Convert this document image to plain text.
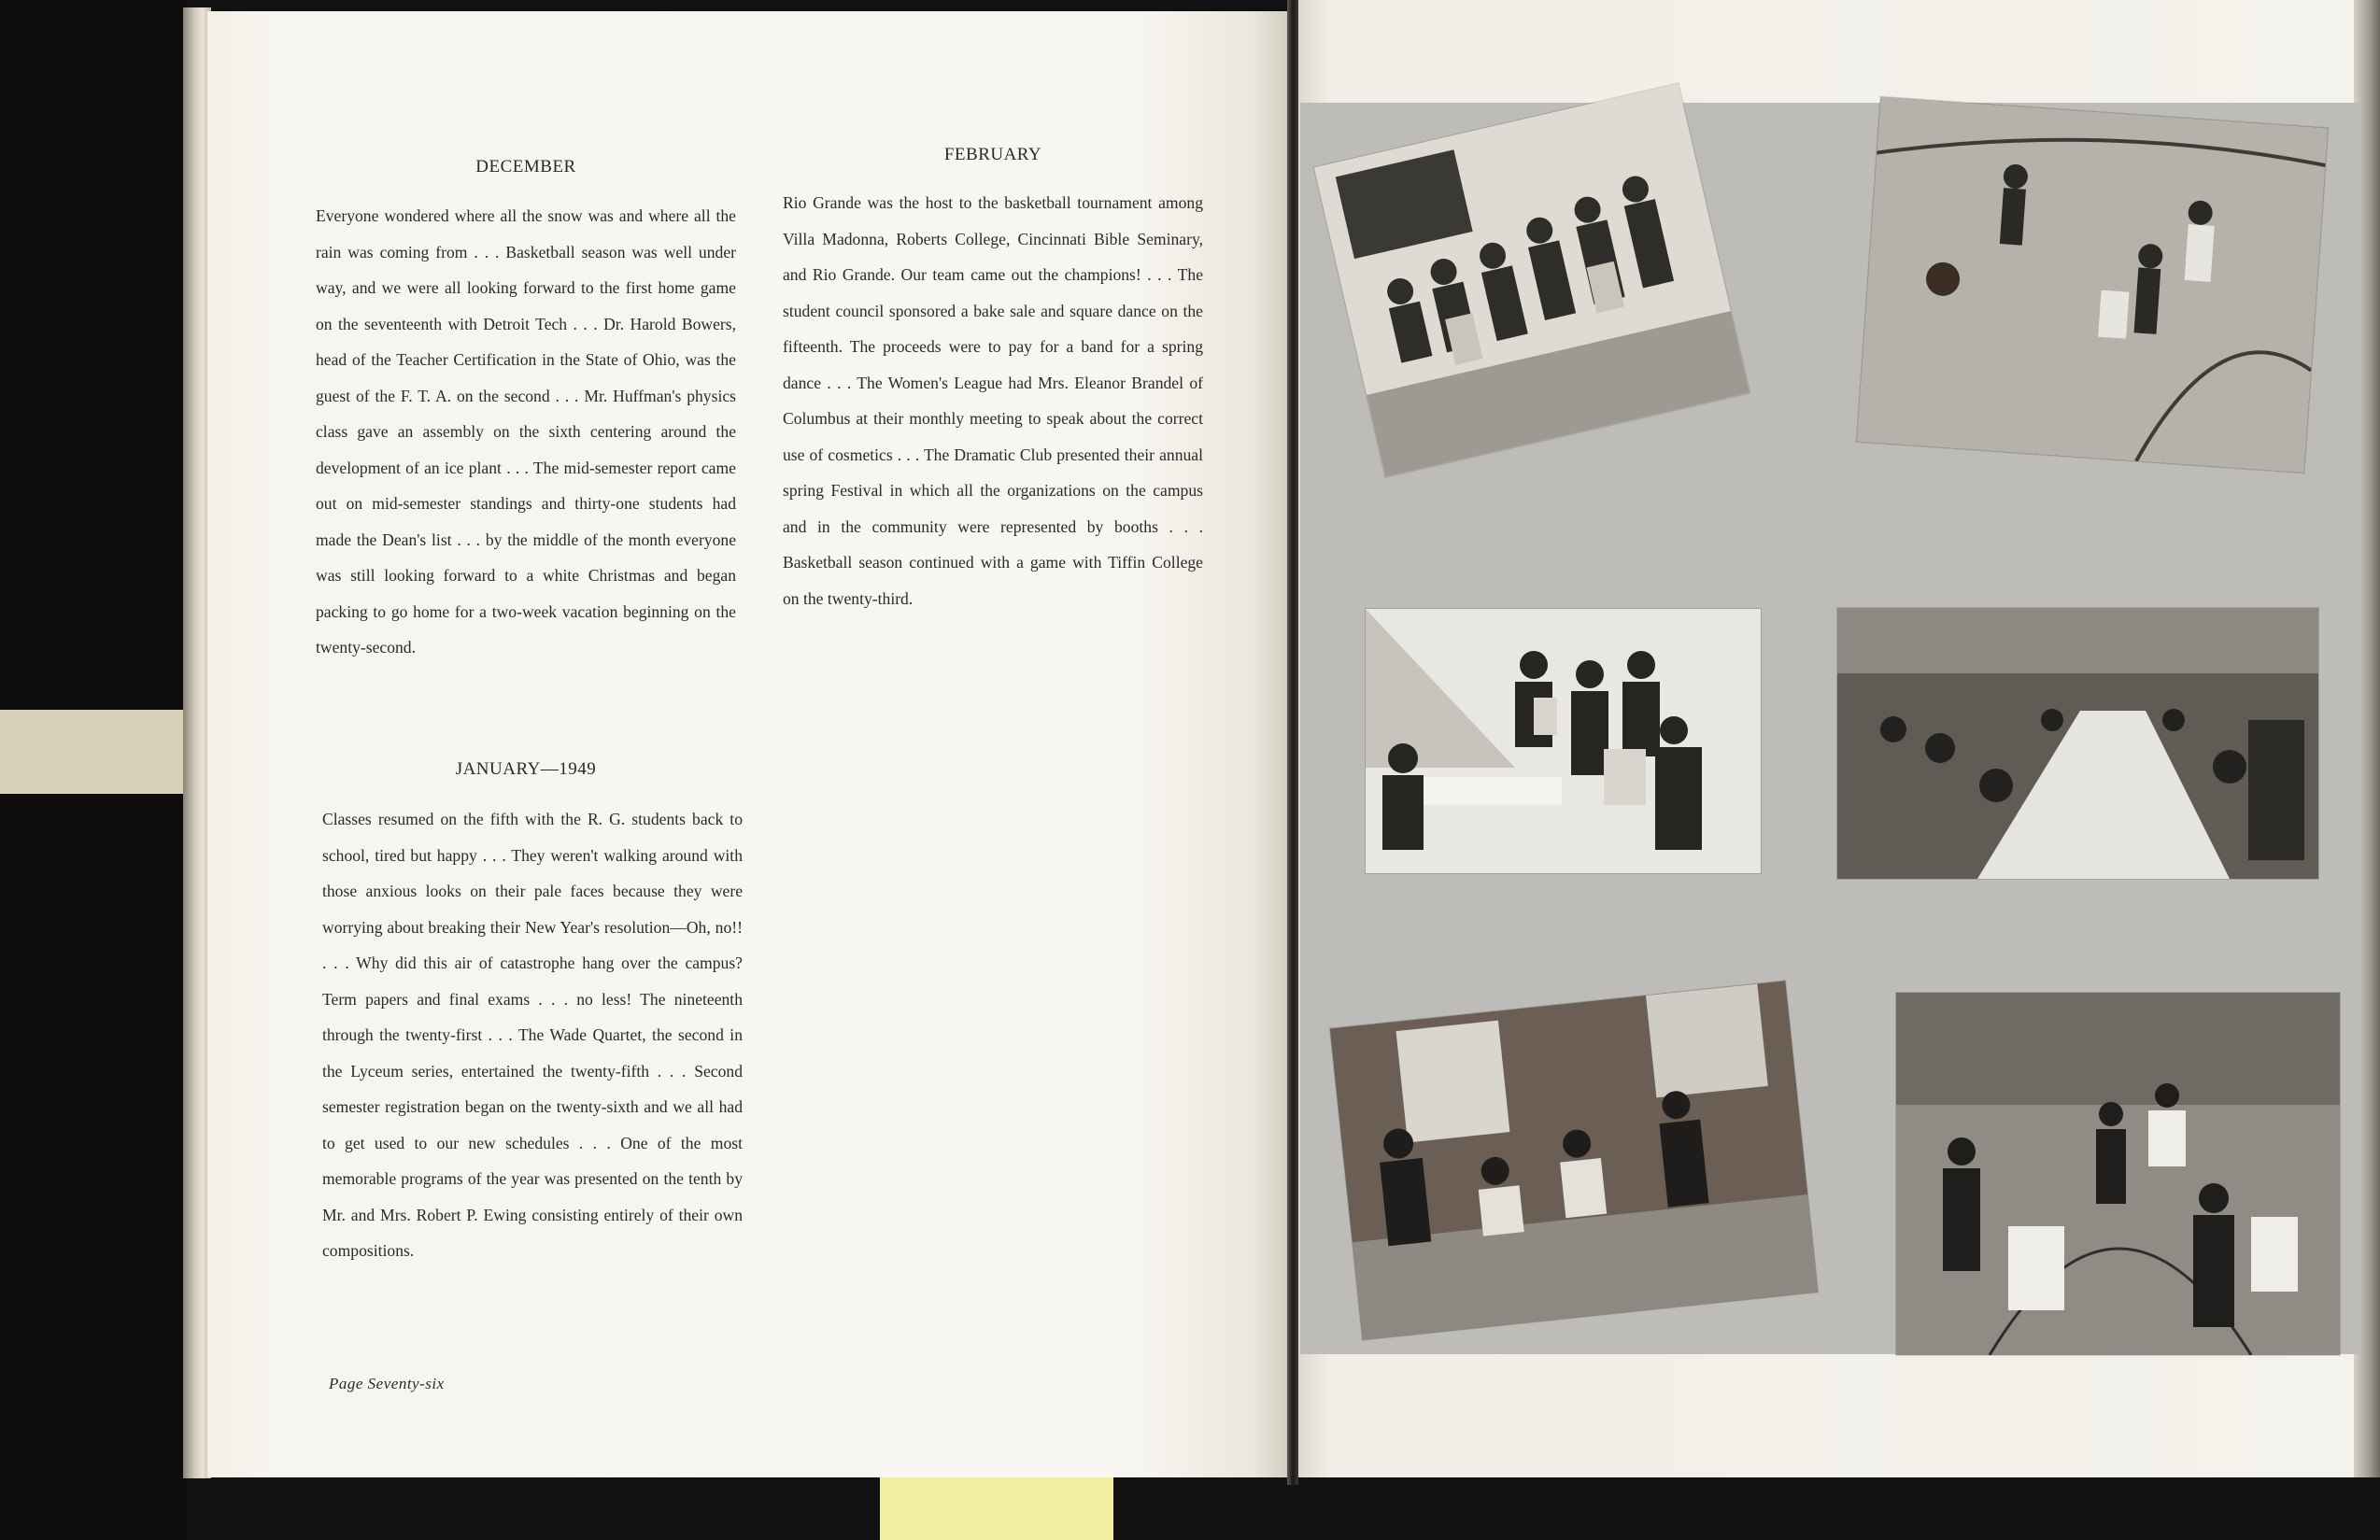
DECEMBER

Everyone wondered where all the snow was and where all the rain was coming from . . . Basketball season was well under way, and we were all looking forward to the first home game on the seventeenth with Detroit Tech . . . Dr. Harold Bowers, head of the Teacher Certification in the State of Ohio, was the guest of the F. T. A. on the second . . . Mr. Huffman's physics class gave an assembly on the sixth centering around the development of an ice plant . . . The mid-semester report came out on mid-semester standings and thirty-one students had made the Dean's list . . . by the middle of the month everyone was still looking forward to a white Christmas and began packing to go home for a two-week vacation beginning on the twenty-second.

JANUARY—1949

Classes resumed on the fifth with the R. G. students back to school, tired but happy . . . They weren't walking around with those anxious looks on their pale faces because they were worrying about breaking their New Year's resolution—Oh, no!! . . . Why did this air of catastrophe hang over the campus? Term papers and final exams . . . no less! The nineteenth through the twenty-first . . . The Wade Quartet, the second in the Lyceum series, entertained the twenty-fifth . . . Second semester registration began on the twenty-sixth and we all had to get used to our new schedules . . . One of the most memorable programs of the year was presented on the tenth by Mr. and Mrs. Robert P. Ewing consisting entirely of their own compositions.

FEBRUARY

Rio Grande was the host to the basketball tournament among Villa Madonna, Roberts College, Cincinnati Bible Seminary, and Rio Grande. Our team came out the champions! . . . The student council sponsored a bake sale and square dance on the fifteenth. The proceeds were to pay for a band for a spring dance . . . The Women's League had Mrs. Eleanor Brandel of Columbus at their monthly meeting to speak about the correct use of cosmetics . . . The Dramatic Club presented their annual spring Festival in which all the organizations on the campus and in the community were represented by booths . . . Basketball season continued with a game with Tiffin College on the twenty-third.

Page Seventy-six
